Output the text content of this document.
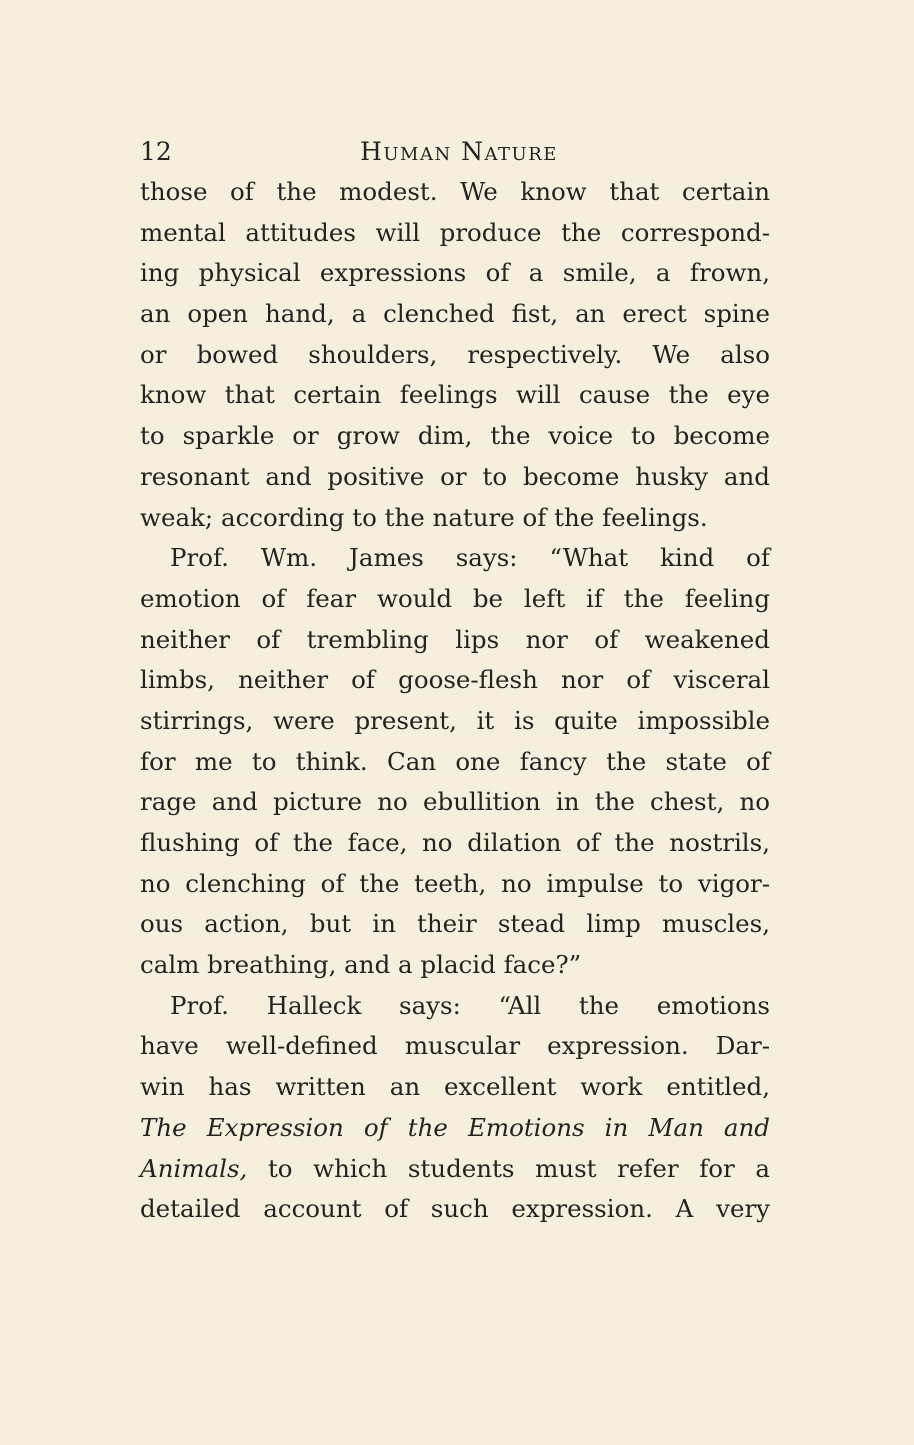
12	Human Nature
those of the modest. We know that certain
mental attitudes will produce the correspond-
ing physical expressions of a smile, a frown,
an open hand, a clenched fist, an erect spine
or bowed shoulders, respectively. We also
know that certain feelings will cause the eye
to sparkle or grow dim, the voice to become
resonant and positive or to become husky and
weak; according to the nature of the feelings.
Prof. Wm. James says: “What kind of
emotion of fear would be left if the feeling
neither of trembling lips nor of weakened
limbs, neither of goose-flesh nor of visceral
stirrings, were present, it is quite impossible
for me to think. Can one fancy the state of
rage and picture no ebullition in the chest, no
flushing of the face, no dilation of the nostrils,
no clenching of the teeth, no impulse to vigor-
ous action, but in their stead limp muscles,
calm breathing, and a placid face?”
Prof. Halleck says: “All the emotions
have well-defined muscular expression. Dar-
win has written an excellent work entitled,
The Expression of the Emotions in Man and
Animals, to which students must refer for a
detailed account of such expression. A very
